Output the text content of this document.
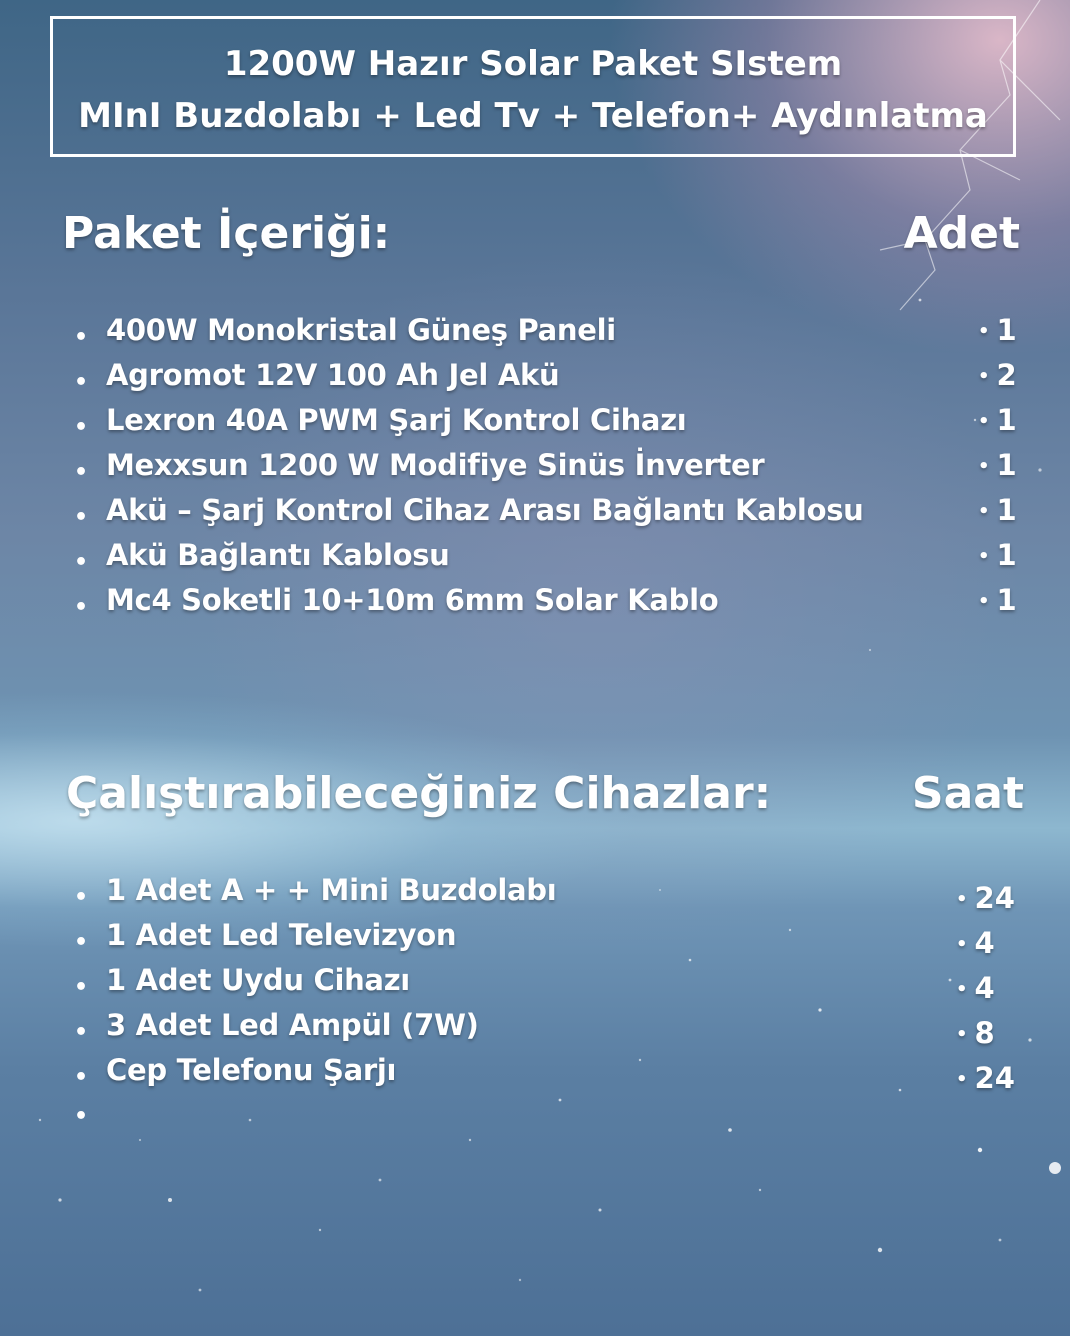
1200W Hazır Solar Paket SIstem
MInI Buzdolabı + Led Tv + Telefon+ Aydınlatma
Paket İçeriği:	Adet
• 400W Monokristal Güneş Paneli	• 1
• Agromot 12V 100 Ah Jel Akü	• 2
• Lexron 40A PWM Şarj Kontrol Cihazı	• 1
• Mexxsun 1200 W Modifiye Sinüs İnverter	• 1
• Akü – Şarj Kontrol Cihaz Arası Bağlantı Kablosu	• 1
• Akü Bağlantı Kablosu	• 1
• Mc4 Soketli 10+10m 6mm Solar Kablo	• 1
Çalıştırabileceğiniz Cihazlar:	Saat
• 1 Adet A + + Mini Buzdolabı	• 24
• 1 Adet Led Televizyon	• 4
• 1 Adet Uydu Cihazı	• 4
• 3 Adet Led Ampül (7W)	• 8
• Cep Telefonu Şarjı	• 24
•
